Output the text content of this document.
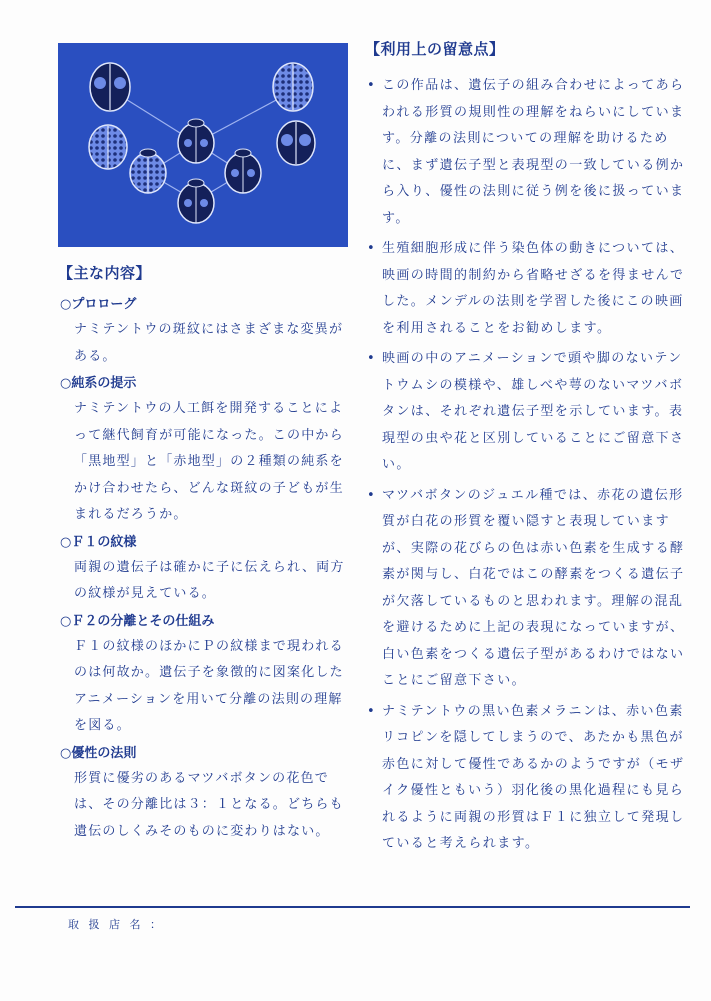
【主な内容】
○プロローグ
ナミテントウの斑紋にはさまざまな変異がある。
○純系の提示
ナミテントウの人工餌を開発することによって継代飼育が可能になった。この中から「黒地型」と「赤地型」の２種類の純系をかけ合わせたら、どんな斑紋の子どもが生まれるだろうか。
○Ｆ１の紋様
両親の遺伝子は確かに子に伝えられ、両方の紋様が見えている。
○Ｆ２の分離とその仕組み
Ｆ１の紋様のほかにＰの紋様まで現われるのは何故か。遺伝子を象徴的に図案化したアニメーションを用いて分離の法則の理解を図る。
○優性の法則
形質に優劣のあるマツバボタンの花色では、その分離比は３：１となる。どちらも遺伝のしくみそのものに変わりはない。
【利用上の留意点】
• この作品は、遺伝子の組み合わせによってあらわれる形質の規則性の理解をねらいにしています。分離の法則についての理解を助けるために、まず遺伝子型と表現型の一致している例から入り、優性の法則に従う例を後に扱っています。
• 生殖細胞形成に伴う染色体の動きについては、映画の時間的制約から省略せざるを得ませんでした。メンデルの法則を学習した後にこの映画を利用されることをお勧めします。
• 映画の中のアニメーションで頭や脚のないテントウムシの模様や、雄しべや萼のないマツバボタンは、それぞれ遺伝子型を示しています。表現型の虫や花と区別していることにご留意下さい。
• マツバボタンのジュエル種では、赤花の遺伝形質が白花の形質を覆い隠すと表現していますが、実際の花びらの色は赤い色素を生成する酵素が関与し、白花ではこの酵素をつくる遺伝子が欠落しているものと思われます。理解の混乱を避けるために上記の表現になっていますが、白い色素をつくる遺伝子型があるわけではないことにご留意下さい。
• ナミテントウの黒い色素メラニンは、赤い色素リコピンを隠してしまうので、あたかも黒色が赤色に対して優性であるかのようですが（モザイク優性ともいう）羽化後の黒化過程にも見られるように両親の形質はＦ１に独立して発現していると考えられます。
取 扱 店 名 ：
